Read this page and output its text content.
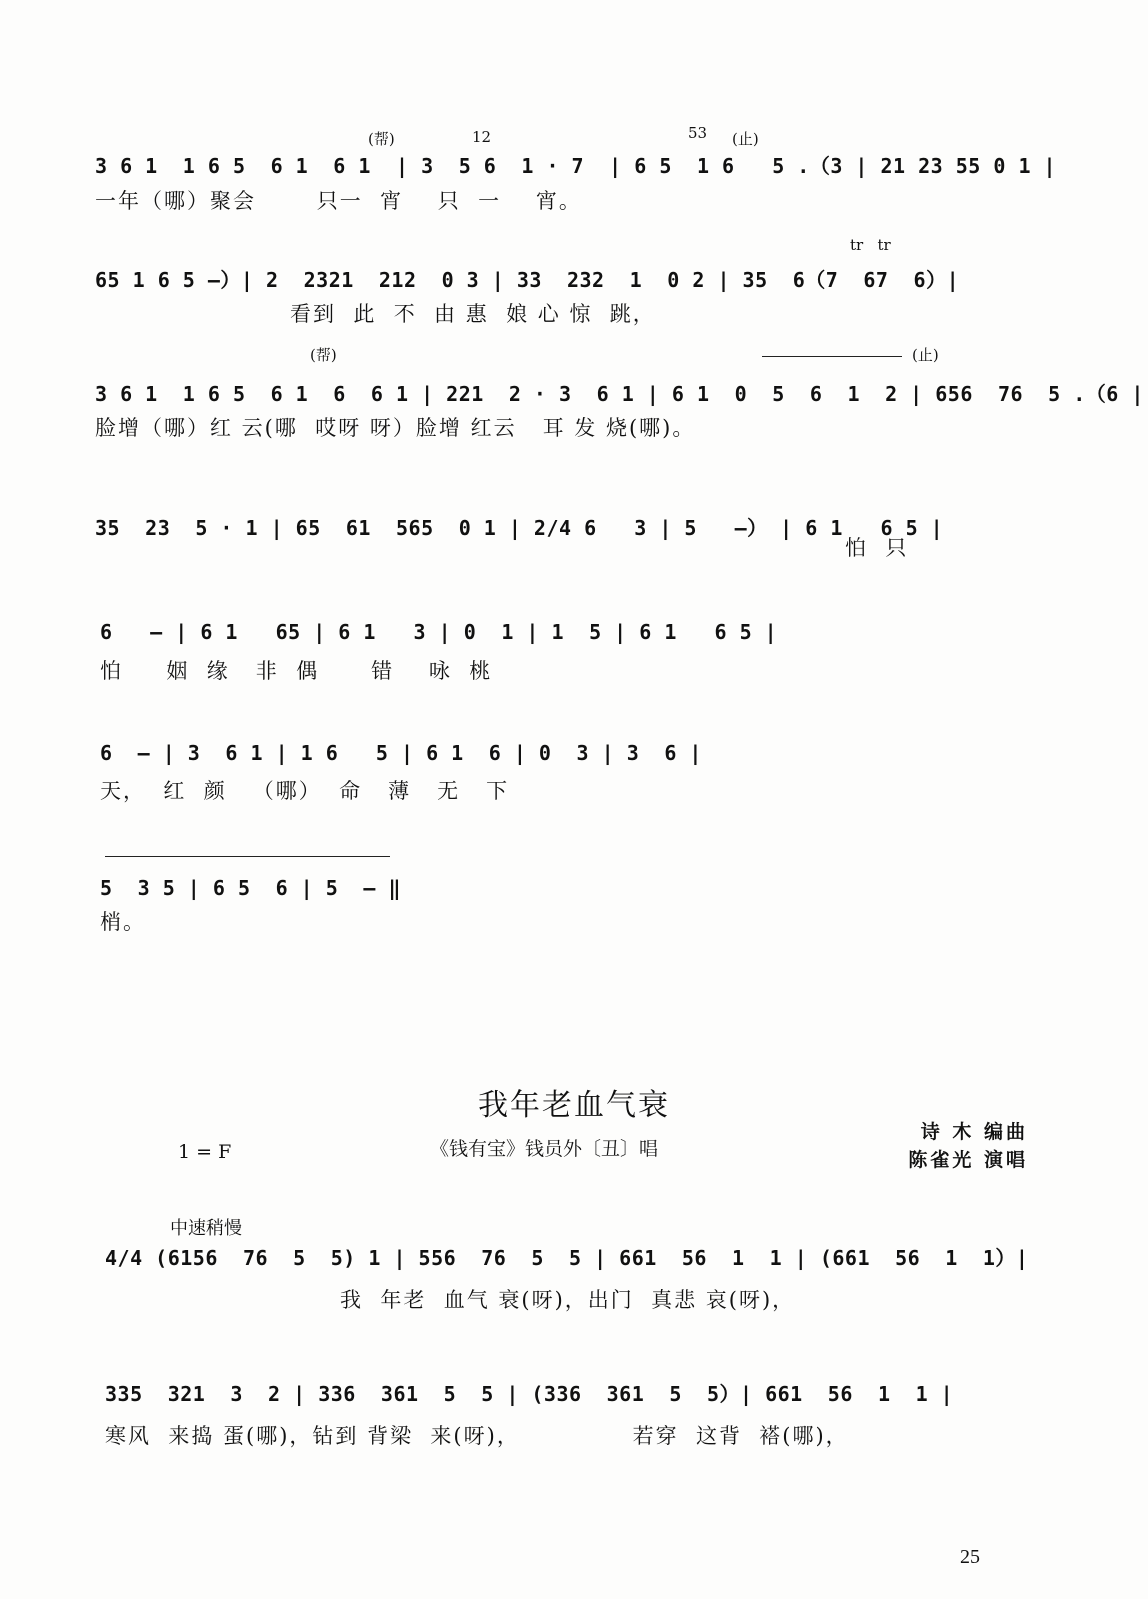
(帮)	12	53 (止)
3 6 1  1 6 5  6 1  6 1  | 3  5 6  1 · 7  | 6 5  1 6   5 .（3 | 21 23 55 0 1 |
一年（哪）聚会       只一  宵    只  一    宵。
tr   tr
65 1 6 5 —）| 2  2321  212  0 3 | 33  232  1  0 2 | 35  6（7  67  6）|
看到  此  不  由 惠  娘 心 惊  跳，
(帮)	(止)
3 6 1  1 6 5  6 1  6  6 1 | 221  2 · 3  6 1 | 6 1  0  5  6  1  2 | 656  76  5 .（6 |
脸增（哪）红 云(哪  哎呀 呀）脸增 红云   耳 发 烧(哪)。
35  23  5 · 1 | 65  61  565  0 1 | 2/4 6   3 | 5   —） | 6 1   6 5 |
怕  只
6   — | 6 1   65 | 6 1   3 | 0  1 | 1  5 | 6 1   6 5 |
怕     姻  缘   非  偶      错    咏  桃
6  — | 3  6 1 | 1 6   5 | 6 1  6 | 0  3 | 3  6 |
天，  红  颜   （哪）  命   薄   无   下
5  3 5 | 6 5  6 | 5  — ‖
梢。
我年老血气衰
1 = F	《钱有宝》钱员外〔丑〕唱
诗 木 编曲
陈雀光 演唱
中速稍慢
4/4 (6156  76  5  5) 1 | 556  76  5  5 | 661  56  1  1 | (661  56  1  1）|
我  年老  血气 衰(呀)，出门  真悲 哀(呀)，
335  321  3  2 | 336  361  5  5 | (336  361  5  5）| 661  56  1  1 |
寒风  来捣 蛋(哪)，钻到 背梁  来(呀)，             若穿  这背  褡(哪)，
25
